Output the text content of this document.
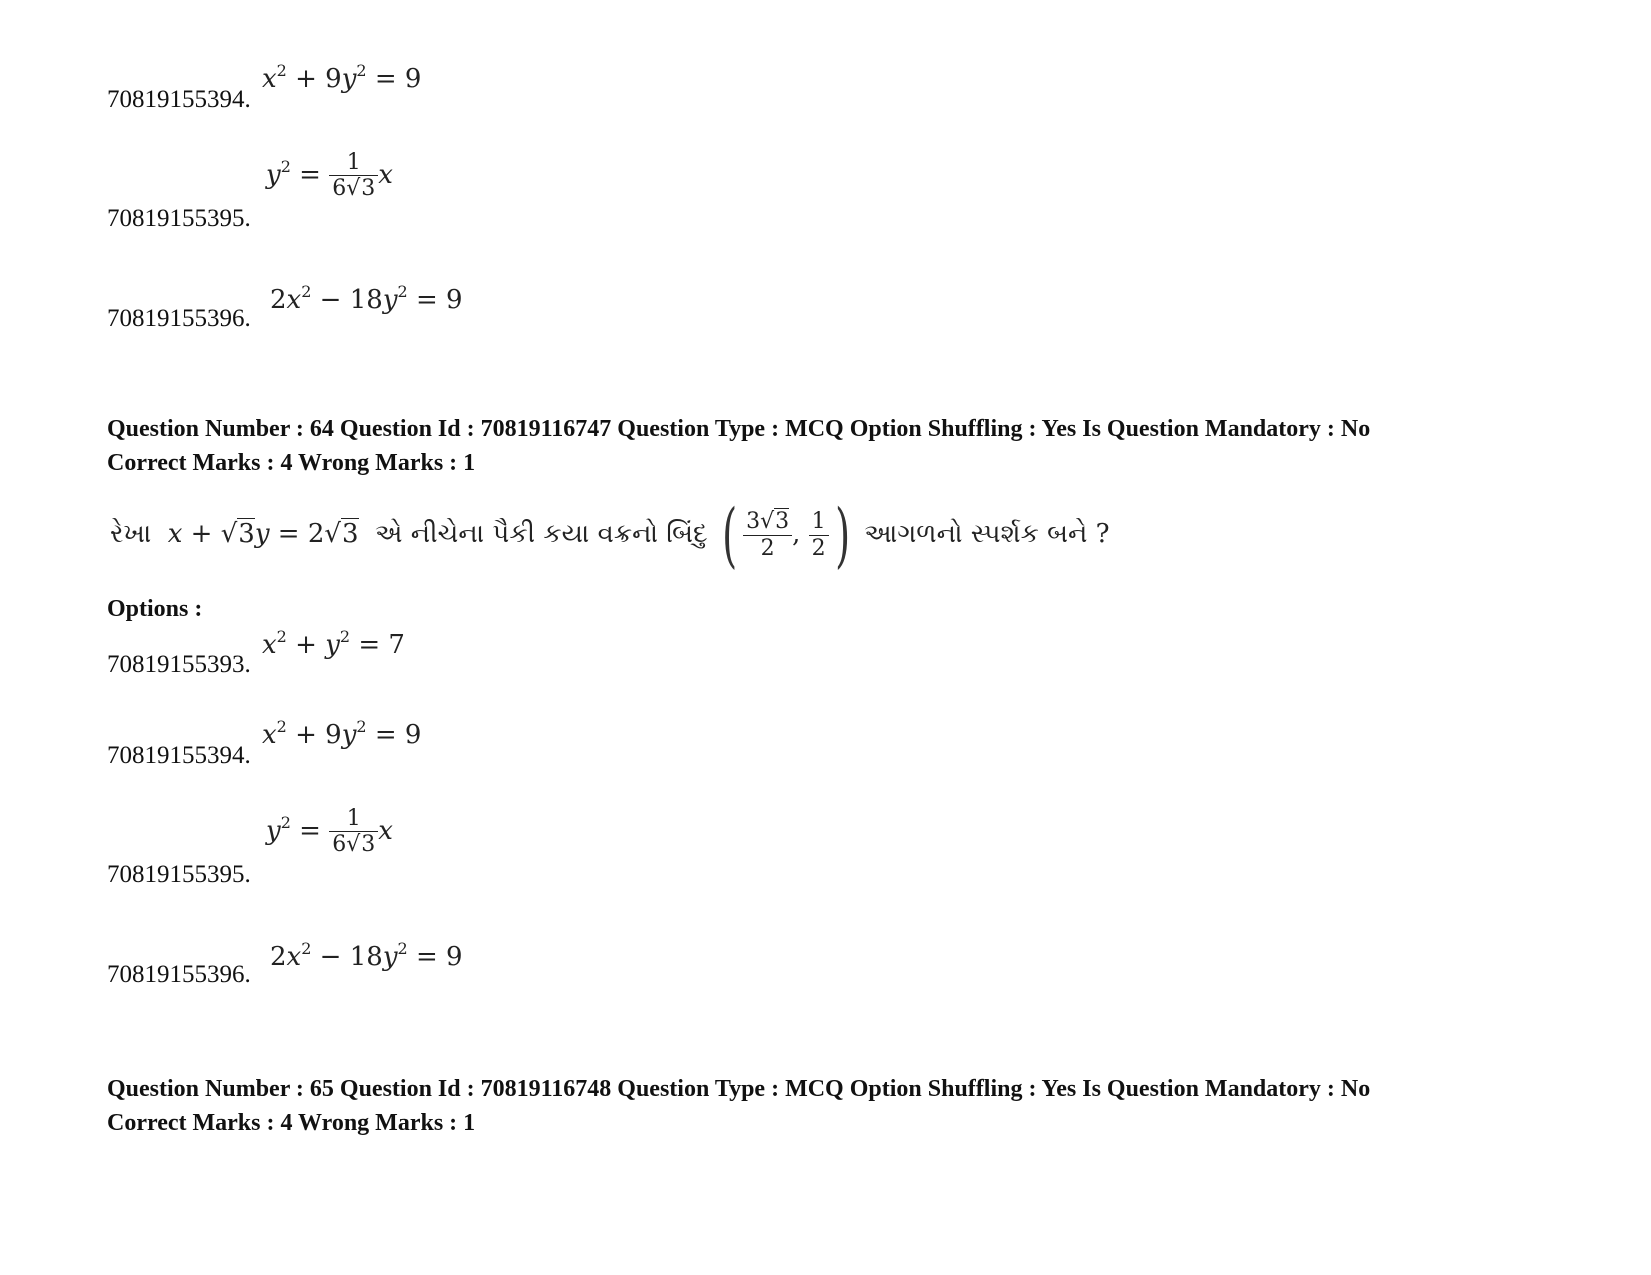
70819155394.
$x^2 + 9y^2 = 9$
70819155395.
$y^2 = \frac{1}{6√3}$ x
70819155396.
$2x^2 - 18y^2 = 9$
Question Number : 64 Question Id : 70819116747 Question Type : MCQ Option Shuffling : Yes Is Question Mandatory : No
Correct Marks : 4 Wrong Marks : 1
રેખા x + √3y = 2√3 એ નીચેના પૈકી કયા વક્રનો બિંદુ ( $\frac{3√3}{2}$ , $\frac{1}{2}$ ) આગળનો સ્પર્શક બને ?
Options :
70819155393.
$x^2 + y^2 = 7$
70819155394.
$x^2 + 9y^2 = 9$
70819155395.
$y^2 = \frac{1}{6√3}$ x
70819155396.
$2x^2 - 18y^2 = 9$
Question Number : 65 Question Id : 70819116748 Question Type : MCQ Option Shuffling : Yes Is Question Mandatory : No
Correct Marks : 4 Wrong Marks : 1
